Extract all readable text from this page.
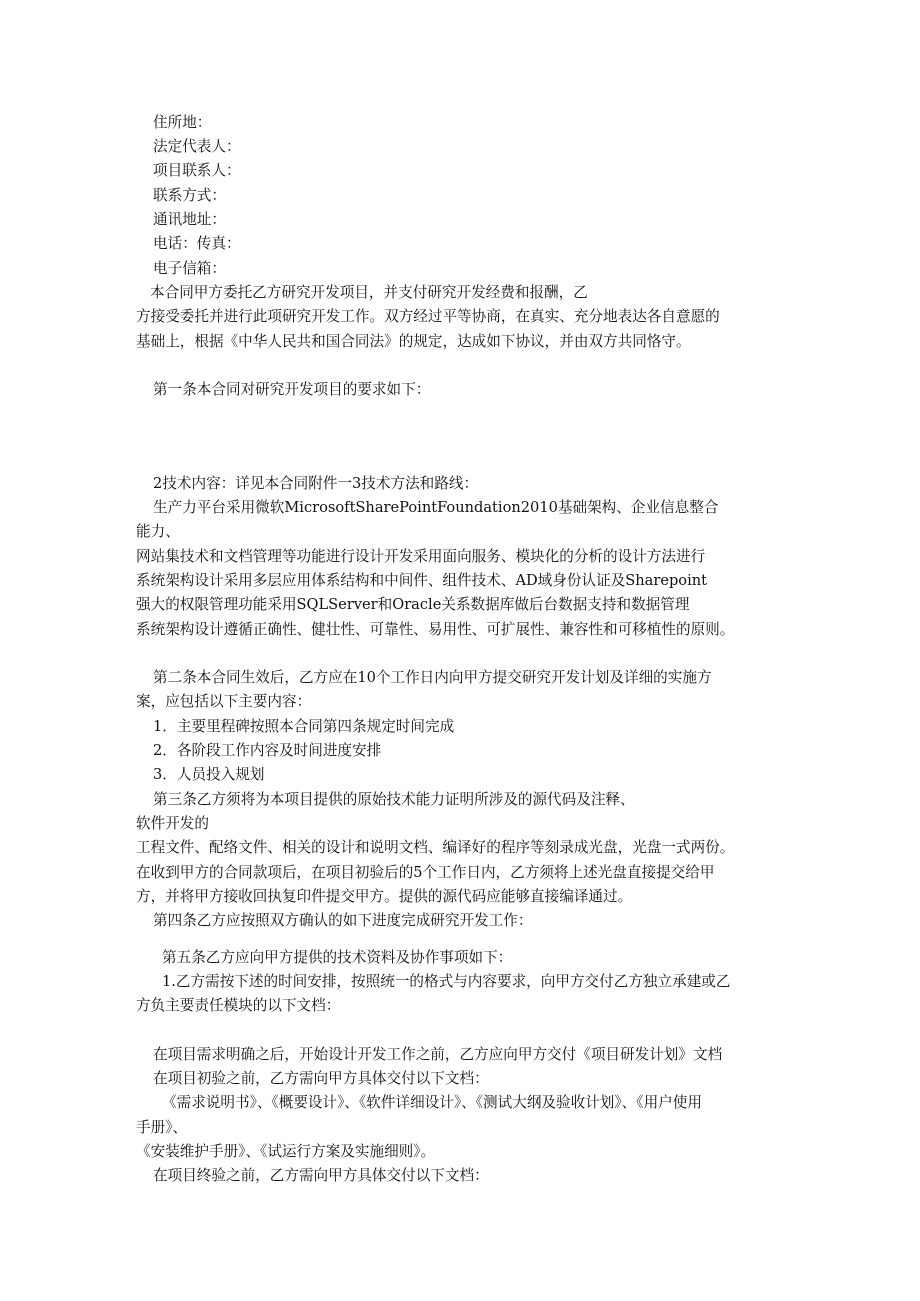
住所地：
法定代表人：
项目联系人：
联系方式：
通讯地址：
电话：传真：
电子信箱：
本合同甲方委托乙方研究开发项目，并支付研究开发经费和报酬，乙
方接受委托并进行此项研究开发工作。双方经过平等协商，在真实、充分地表达各自意愿的
基础上，根据《中华人民共和国合同法》的规定，达成如下协议，并由双方共同恪守。
第一条本合同对研究开发项目的要求如下：
2技术内容：详见本合同附件一3技术方法和路线：
生产力平台采用微软MicrosoftSharePointFoundation2010基础架构、企业信息整合
能力、
网站集技术和文档管理等功能进行设计开发采用面向服务、模块化的分析的设计方法进行
系统架构设计采用多层应用体系结构和中间件、组件技术、AD域身份认证及Sharepoint
强大的权限管理功能采用SQLServer和Oracle关系数据库做后台数据支持和数据管理
系统架构设计遵循正确性、健壮性、可靠性、易用性、可扩展性、兼容性和可移植性的原则。
第二条本合同生效后，乙方应在10个工作日内向甲方提交研究开发计划及详细的实施方
案，应包括以下主要内容：
1．主要里程碑按照本合同第四条规定时间完成
2．各阶段工作内容及时间进度安排
3．人员投入规划
第三条乙方须将为本项目提供的原始技术能力证明所涉及的源代码及注释、
软件开发的
工程文件、配络文件、相关的设计和说明文档、编译好的程序等刻录成光盘，光盘一式两份。
在收到甲方的合同款项后，在项目初验后的5个工作日内，乙方须将上述光盘直接提交给甲
方，并将甲方接收回执复印件提交甲方。提供的源代码应能够直接编译通过。
第四条乙方应按照双方确认的如下进度完成研究开发工作：
第五条乙方应向甲方提供的技术资料及协作事项如下：
1.乙方需按下述的时间安排，按照统一的格式与内容要求，向甲方交付乙方独立承建或乙
方负主要责任模块的以下文档：
在项目需求明确之后，开始设计开发工作之前，乙方应向甲方交付《项目研发计划》文档
在项目初验之前，乙方需向甲方具体交付以下文档：
《需求说明书》、《概要设计》、《软件详细设计》、《测试大纲及验收计划》、《用户使用
手册》、
《安装维护手册》、《试运行方案及实施细则》。
在项目终验之前，乙方需向甲方具体交付以下文档：
